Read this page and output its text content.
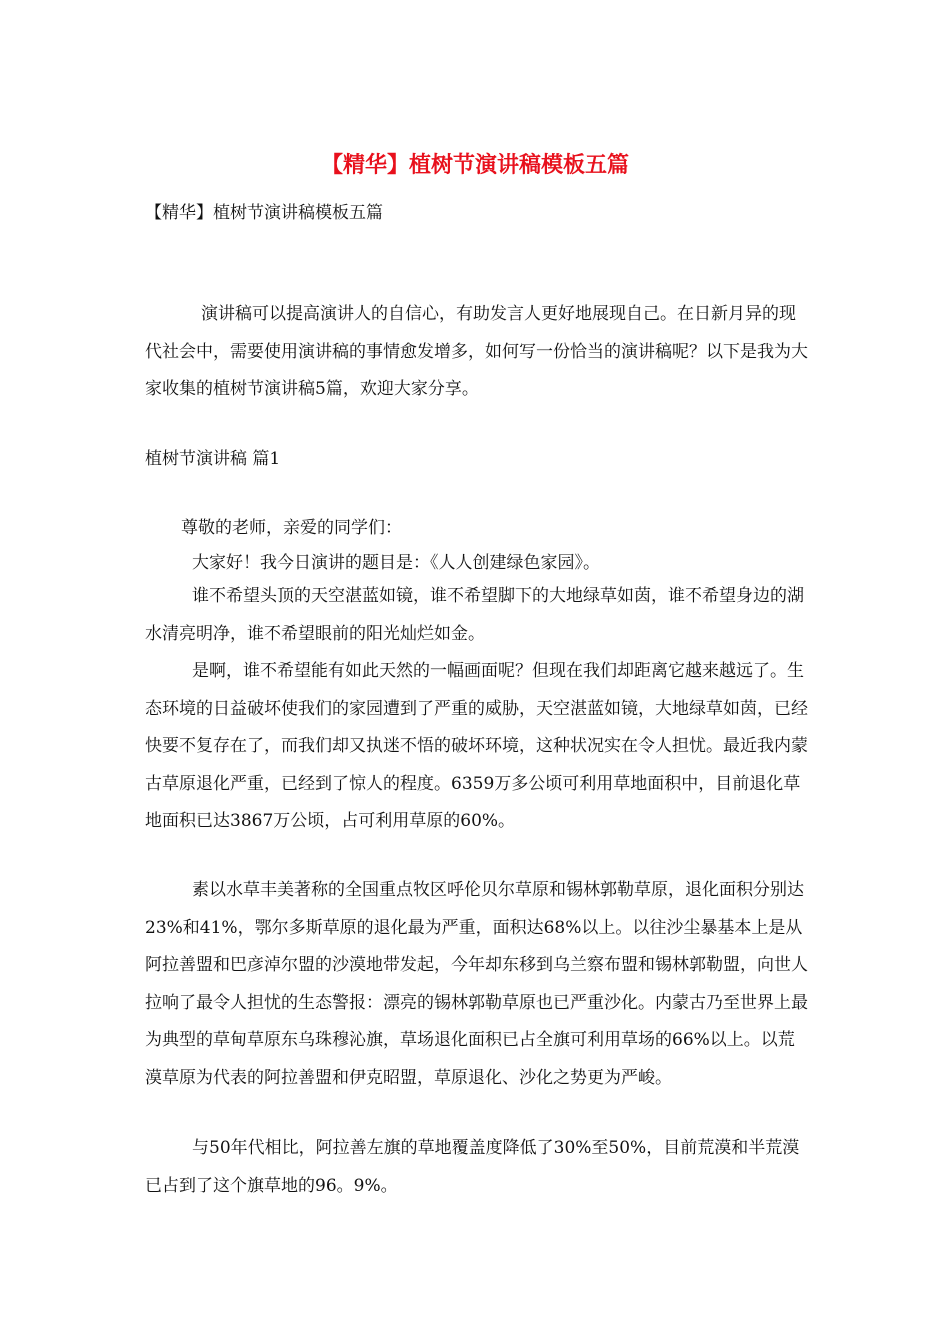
【精华】植树节演讲稿模板五篇
【精华】植树节演讲稿模板五篇

演讲稿可以提高演讲人的自信心，有助发言人更好地展现自己。在日新月异的现代社会中，需要使用演讲稿的事情愈发增多，如何写一份恰当的演讲稿呢？以下是我为大家收集的植树节演讲稿5篇，欢迎大家分享。

植树节演讲稿 篇1

尊敬的老师，亲爱的同学们：

大家好！我今日演讲的题目是：《人人创建绿色家园》。

谁不希望头顶的天空湛蓝如镜，谁不希望脚下的大地绿草如茵，谁不希望身边的湖水清亮明净，谁不希望眼前的阳光灿烂如金。

是啊，谁不希望能有如此天然的一幅画面呢？但现在我们却距离它越来越远了。生态环境的日益破坏使我们的家园遭到了严重的威胁，天空湛蓝如镜，大地绿草如茵，已经快要不复存在了，而我们却又执迷不悟的破坏环境，这种状况实在令人担忧。最近我内蒙古草原退化严重，已经到了惊人的程度。6359万多公顷可利用草地面积中，目前退化草地面积已达3867万公顷，占可利用草原的60%。

素以水草丰美著称的全国重点牧区呼伦贝尔草原和锡林郭勒草原，退化面积分别达23%和41%，鄂尔多斯草原的退化最为严重，面积达68%以上。以往沙尘暴基本上是从阿拉善盟和巴彦淖尔盟的沙漠地带发起，今年却东移到乌兰察布盟和锡林郭勒盟，向世人拉响了最令人担忧的生态警报：漂亮的锡林郭勒草原也已严重沙化。内蒙古乃至世界上最为典型的草甸草原东乌珠穆沁旗，草场退化面积已占全旗可利用草场的66%以上。以荒漠草原为代表的阿拉善盟和伊克昭盟，草原退化、沙化之势更为严峻。

与50年代相比，阿拉善左旗的草地覆盖度降低了30%至50%，目前荒漠和半荒漠已占到了这个旗草地的96。9%。
